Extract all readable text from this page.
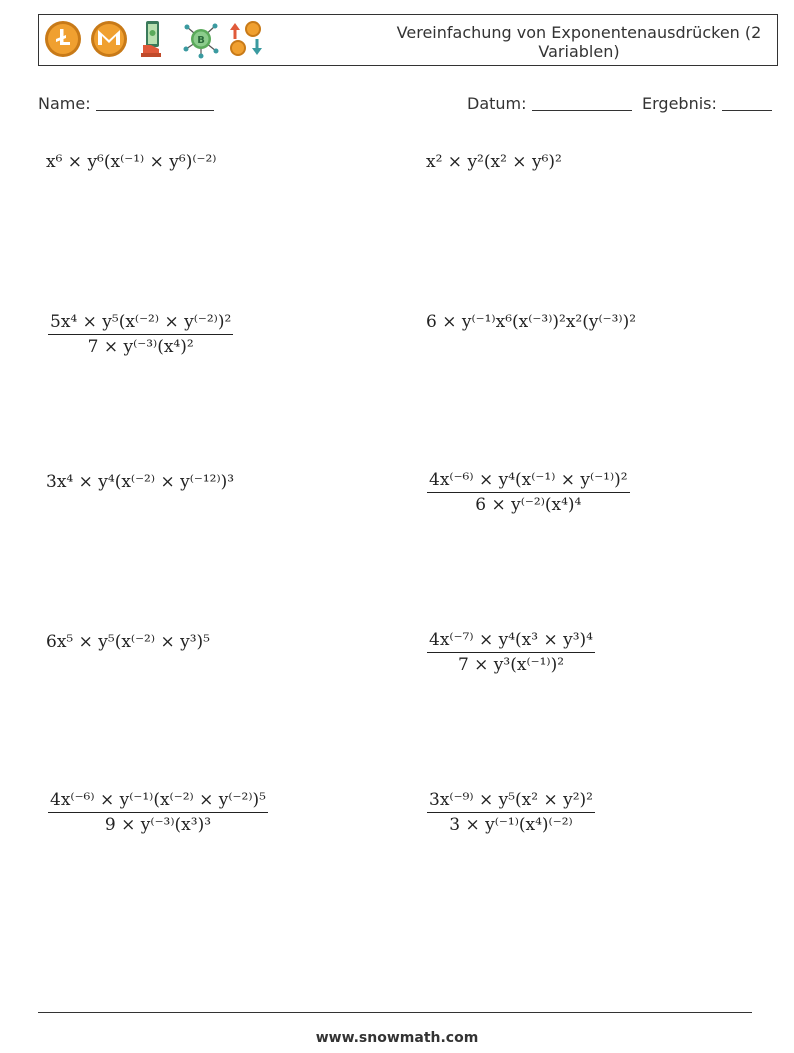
B	Vereinfachung von Exponentenausdrücken (2 Variablen)
Name:	Datum:	Ergebnis:
x⁶ × y⁶(x⁽⁻¹⁾ × y⁶)⁽⁻²⁾
$\frac{\text{5x⁴ × y⁵(x⁽⁻²⁾ × y⁽⁻²⁾)²}}{\text{7 × y⁽⁻³⁾(x⁴)²}}$
3x⁴ × y⁴(x⁽⁻²⁾ × y⁽⁻¹²⁾)³
6x⁵ × y⁵(x⁽⁻²⁾ × y³)⁵
$\frac{\text{4x⁽⁻⁶⁾ × y⁽⁻¹⁾(x⁽⁻²⁾ × y⁽⁻²⁾)⁵}}{\text{9 × y⁽⁻³⁾(x³)³}}$
x² × y²(x² × y⁶)²
6 × y⁽⁻¹⁾x⁶(x⁽⁻³⁾)²x²(y⁽⁻³⁾)²
$\frac{\text{4x⁽⁻⁶⁾ × y⁴(x⁽⁻¹⁾ × y⁽⁻¹⁾)²}}{\text{6 × y⁽⁻²⁾(x⁴)⁴}}$
$\frac{\text{4x⁽⁻⁷⁾ × y⁴(x³ × y³)⁴}}{\text{7 × y³(x⁽⁻¹⁾)²}}$
$\frac{\text{3x⁽⁻⁹⁾ × y⁵(x² × y²)²}}{\text{3 × y⁽⁻¹⁾(x⁴)⁽⁻²⁾}}$
www.snowmath.com
